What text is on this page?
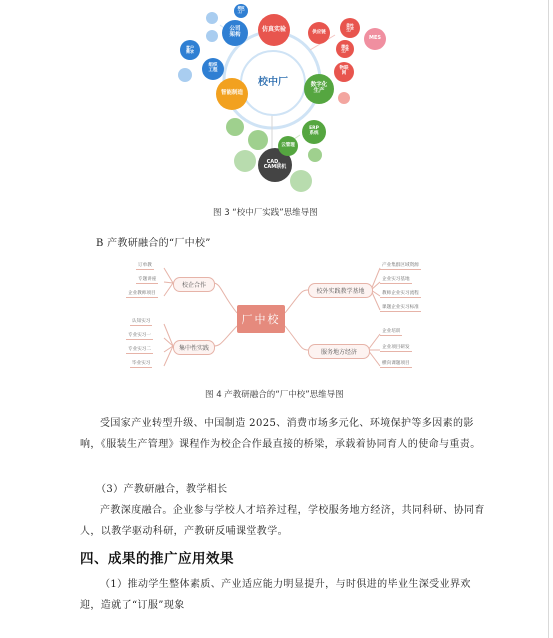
校中厂
仿真实验
数字化
生产
智能制造
公司
架构
模拟
工厂
客户
需求
组织
工程
供应链
物联
网
MES
精益
生产
柔性
生产
CAD、
CAM联机
云管理
ERP
系统
图 3 “校中厂实践”思维导图
B 产教研融合的“厂中校”
厂中校
校企合作
集中性实践
校外实践教学基地
服务地方经济
订单教
专题讲座
企业教师项目
认知实习
专业实习一
专业实习二
毕业实习
产业集群区域资源
企业实习基地
教师企业实习流程
课题企业实习标准
企业培训
企业项目研发
横向课题项目
图 4 产教研融合的“厂中校”思维导图
受国家产业转型升级、中国制造 2025、消费市场多元化、环境保护等多因素的影响，《服装生产管理》课程作为校企合作最直接的桥梁，承载着协同育人的使命与重责。
（3）产教研融合，教学相长
产教深度融合。企业参与学校人才培养过程，学校服务地方经济，共同科研、协同育人，以教学驱动科研，产教研反哺课堂教学。
四、成果的推广应用效果
（1）推动学生整体素质、产业适应能力明显提升，与时俱进的毕业生深受业界欢迎，造就了“订服”现象
